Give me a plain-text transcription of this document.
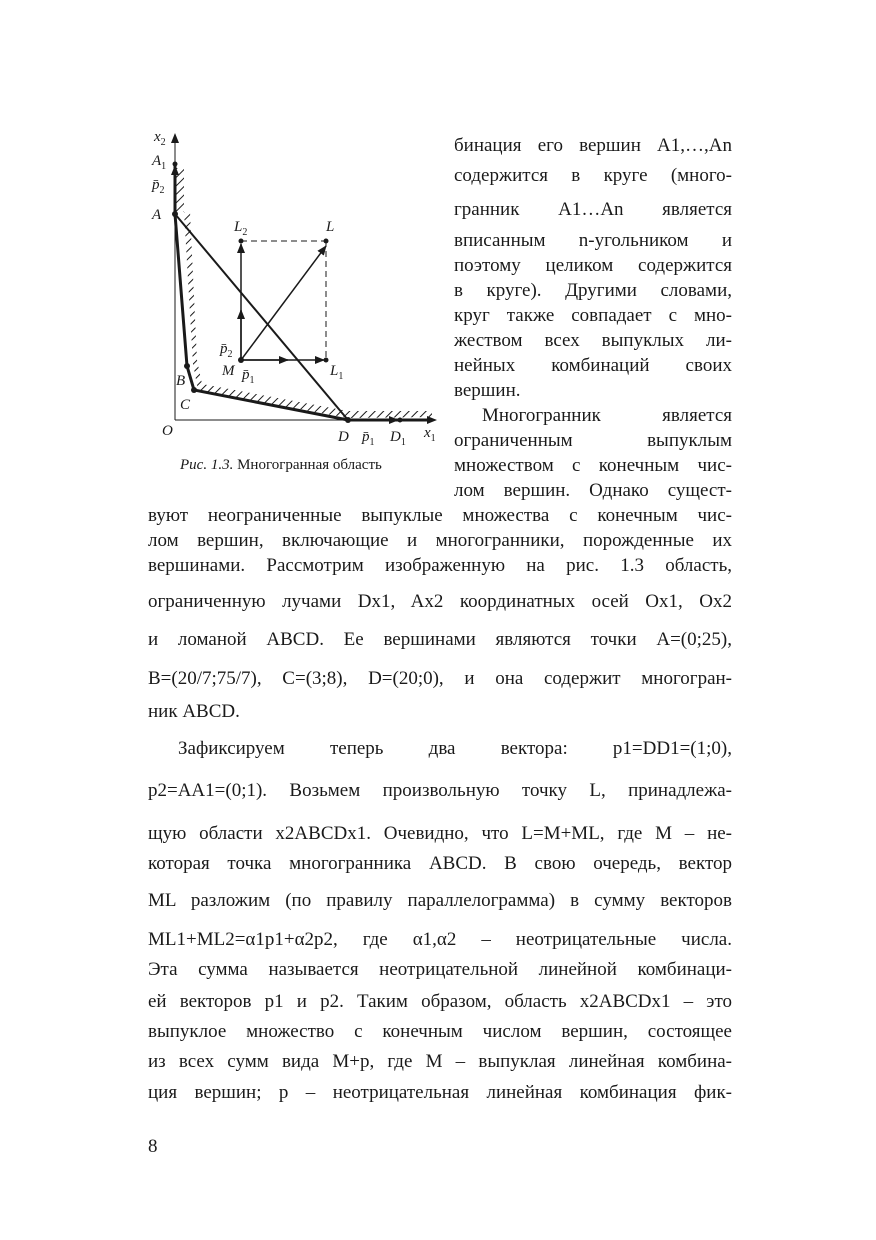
$x_2$
$A_1$
$p̄_2$
A
$L_2$	L
$p̄_2$
M $p̄_1$
$L_1$
B
C
O	D $p̄_1$ $D_1$
$x_1$
Рис. 1.3. Многогранная область
бинация его вершин A1,…,An
содержится в круге (много-
гранник A1…An является
вписанным n-угольником и
поэтому целиком содержится
в круге). Другими словами,
круг также совпадает с мно-
жеством всех выпуклых ли-
нейных комбинаций своих
вершин.
Многогранник является
ограниченным выпуклым
множеством с конечным чис-
лом вершин. Однако сущест-
вуют неограниченные выпуклые множества с конечным чис-
лом вершин, включающие и многогранники, порожденные их
вершинами. Рассмотрим изображенную на рис. 1.3 область,
ограниченную лучами Dx1, Ax2 координатных осей Ox1, Ox2
и ломаной ABCD. Ее вершинами являются точки A=(0;25),
B=(20/7;75/7), C=(3;8), D=(20;0), и она содержит многогран-
ник ABCD.
Зафиксируем теперь два вектора: p1=DD1=(1;0),
p2=AA1=(0;1). Возьмем произвольную точку L, принадлежа-
щую области x2ABCDx1. Очевидно, что L=M+ML, где M – не-
которая точка многогранника ABCD. В свою очередь, вектор
ML разложим (по правилу параллелограмма) в сумму векторов
ML1+ML2=α1p1+α2p2, где α1,α2 – неотрицательные числа.
Эта сумма называется неотрицательной линейной комбинаци-
ей векторов p1 и p2. Таким образом, область x2ABCDx1 – это
выпуклое множество с конечным числом вершин, состоящее
из всех сумм вида M+p, где M – выпуклая линейная комбина-
ция вершин; p – неотрицательная линейная комбинация фик-
8
